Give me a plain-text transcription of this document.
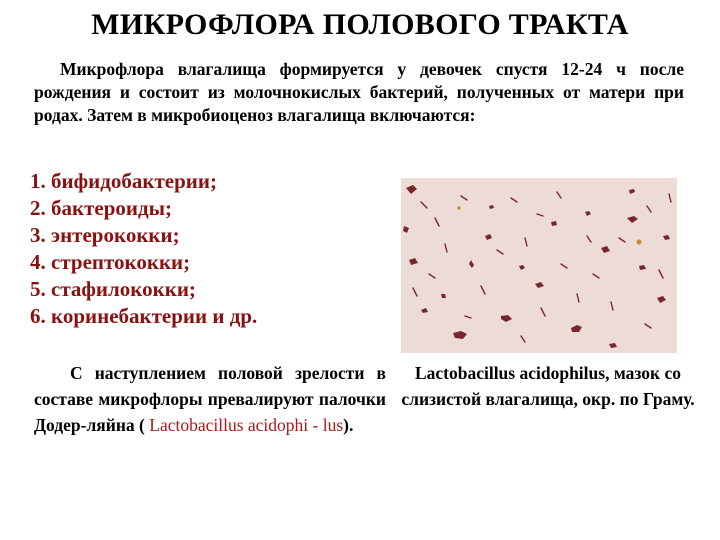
МИКРОФЛОРА ПОЛОВОГО ТРАКТА
Микрофлора влагалища формируется у девочек спустя 12-24 ч после рождения и состоит из молочнокислых бактерий, полученных от матери при родах. Затем в микробиоценоз влагалища включаются:
1. бифидобактерии;
2. бактероиды;
3. энтерококки;
4. стрептококки;
5. стафилококки;
6. коринебактерии и др.
С наступлением половой зрелости в составе микрофлоры превалируют палочки Додер-ляйна ( Lactobacillus acidophi - lus).
Lactobacillus acidophilus, мазок со слизистой влагалища, окр. по Граму.
